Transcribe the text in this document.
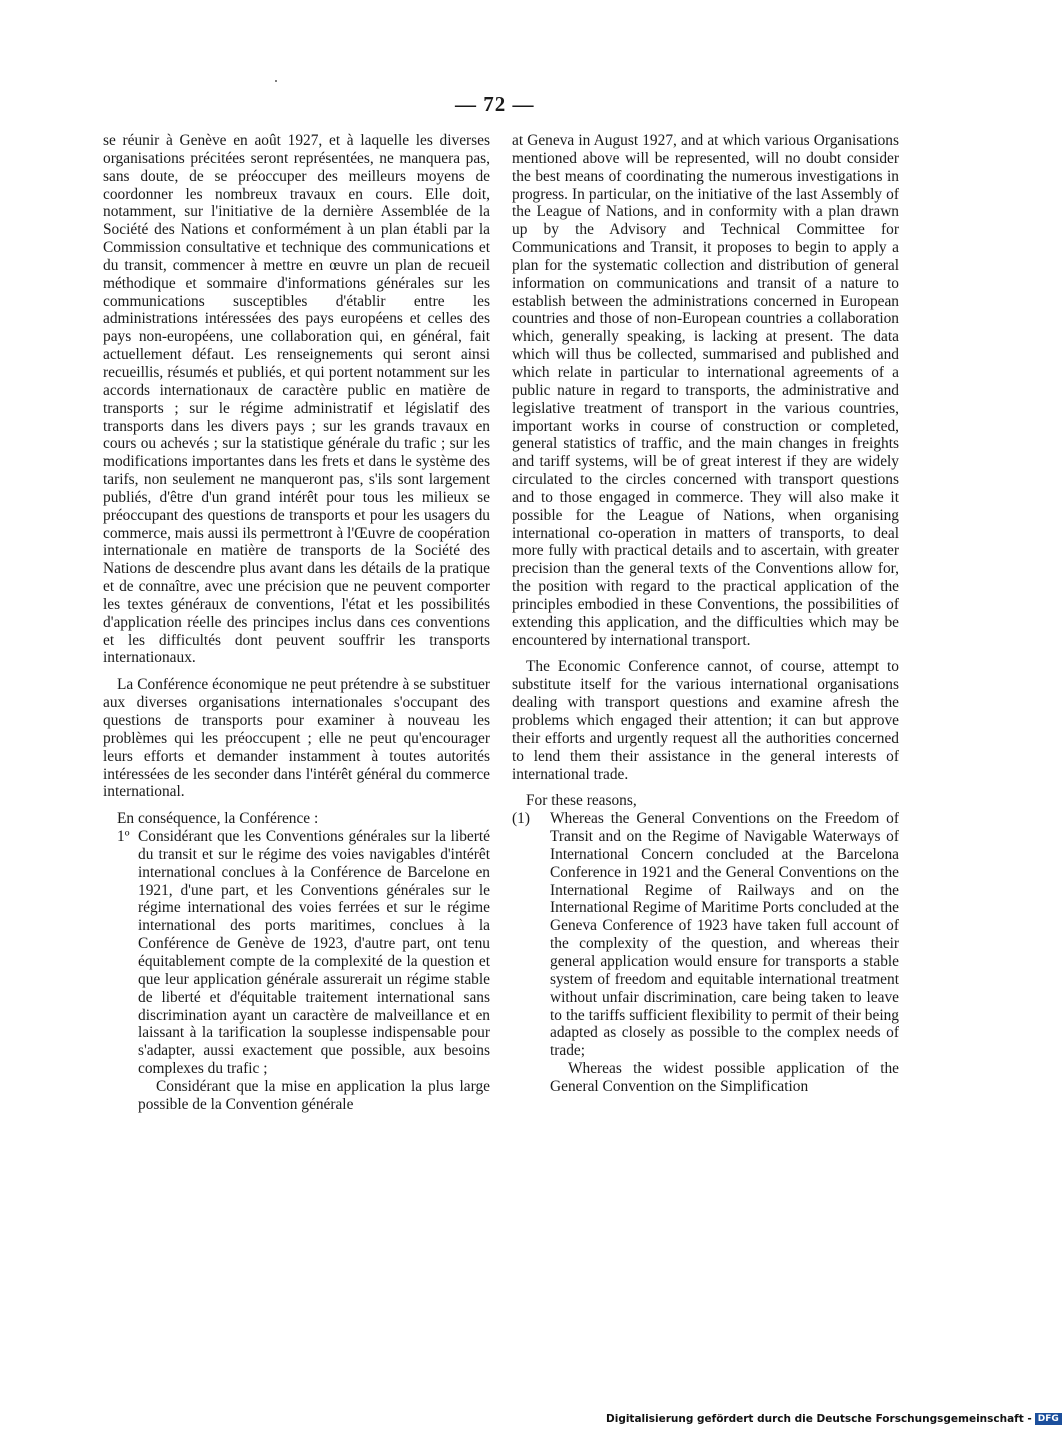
— 72 —

se réunir à Genève en août 1927, et à laquelle les diverses organisations précitées seront représentées, ne manquera pas, sans doute, de se préoccuper des meilleurs moyens de coordonner les nombreux travaux en cours. Elle doit, notamment, sur l'initiative de la dernière Assemblée de la Société des Nations et conformément à un plan établi par la Commission consultative et technique des communications et du transit, commencer à mettre en œuvre un plan de recueil méthodique et sommaire d'informations générales sur les communications susceptibles d'établir entre les administrations intéressées des pays européens et celles des pays non-européens, une collaboration qui, en général, fait actuellement défaut. Les renseignements qui seront ainsi recueillis, résumés et publiés, et qui portent notamment sur les accords internationaux de caractère public en matière de transports ; sur le régime administratif et législatif des transports dans les divers pays ; sur les grands travaux en cours ou achevés ; sur la statistique générale du trafic ; sur les modifications importantes dans les frets et dans le système des tarifs, non seulement ne manqueront pas, s'ils sont largement publiés, d'être d'un grand intérêt pour tous les milieux se préoccupant des questions de transports et pour les usagers du commerce, mais aussi ils permettront à l'Œuvre de coopération internationale en matière de transports de la Société des Nations de descendre plus avant dans les détails de la pratique et de connaître, avec une précision que ne peuvent comporter les textes généraux de conventions, l'état et les possibilités d'application réelle des principes inclus dans ces conventions et les difficultés dont peuvent souffrir les transports internationaux.

La Conférence économique ne peut prétendre à se substituer aux diverses organisations internationales s'occupant des questions de transports pour examiner à nouveau les problèmes qui les préoccupent ; elle ne peut qu'encourager leurs efforts et demander instamment à toutes autorités intéressées de les seconder dans l'intérêt général du commerce international.

En conséquence, la Conférence :

1º Considérant que les Conventions générales sur la liberté du transit et sur le régime des voies navigables d'intérêt international conclues à la Conférence de Barcelone en 1921, d'une part, et les Conventions générales sur le régime international des voies ferrées et sur le régime international des ports maritimes, conclues à la Conférence de Genève de 1923, d'autre part, ont tenu équitablement compte de la complexité de la question et que leur application générale assurerait un régime stable de liberté et d'équitable traitement international sans discrimination ayant un caractère de malveillance et en laissant à la tarification la souplesse indispensable pour s'adapter, aussi exactement que possible, aux besoins complexes du trafic ;

Considérant que la mise en application la plus large possible de la Convention générale

at Geneva in August 1927, and at which various Organisations mentioned above will be represented, will no doubt consider the best means of coordinating the numerous investigations in progress. In particular, on the initiative of the last Assembly of the League of Nations, and in conformity with a plan drawn up by the Advisory and Technical Committee for Communications and Transit, it proposes to begin to apply a plan for the systematic collection and distribution of general information on communications and transit of a nature to establish between the administrations concerned in European countries and those of non-European countries a collaboration which, generally speaking, is lacking at present. The data which will thus be collected, summarised and published and which relate in particular to international agreements of a public nature in regard to transports, the administrative and legislative treatment of transport in the various countries, important works in course of construction or completed, general statistics of traffic, and the main changes in freights and tariff systems, will be of great interest if they are widely circulated to the circles concerned with transport questions and to those engaged in commerce. They will also make it possible for the League of Nations, when organising international co-operation in matters of transports, to deal more fully with practical details and to ascertain, with greater precision than the general texts of the Conventions allow for, the position with regard to the practical application of the principles embodied in these Conventions, the possibilities of extending this application, and the difficulties which may be encountered by international transport.

The Economic Conference cannot, of course, attempt to substitute itself for the various international organisations dealing with transport questions and examine afresh the problems which engaged their attention; it can but approve their efforts and urgently request all the authorities concerned to lend them their assistance in the general interests of international trade.

For these reasons,

(1)	Whereas the General Conventions on the Freedom of Transit and on the Regime of Navigable Waterways of International Concern concluded at the Barcelona Conference in 1921 and the General Conventions on the International Regime of Railways and on the International Regime of Maritime Ports concluded at the Geneva Conference of 1923 have taken full account of the complexity of the question, and whereas their general application would ensure for transports a stable system of freedom and equitable international treatment without unfair discrimination, care being taken to leave to the tariffs sufficient flexibility to permit of their being adapted as closely as possible to the complex needs of trade;

Whereas the widest possible application of the General Convention on the Simplification

Digitalisierung gefördert durch die Deutsche Forschungsgemeinschaft - DFG
